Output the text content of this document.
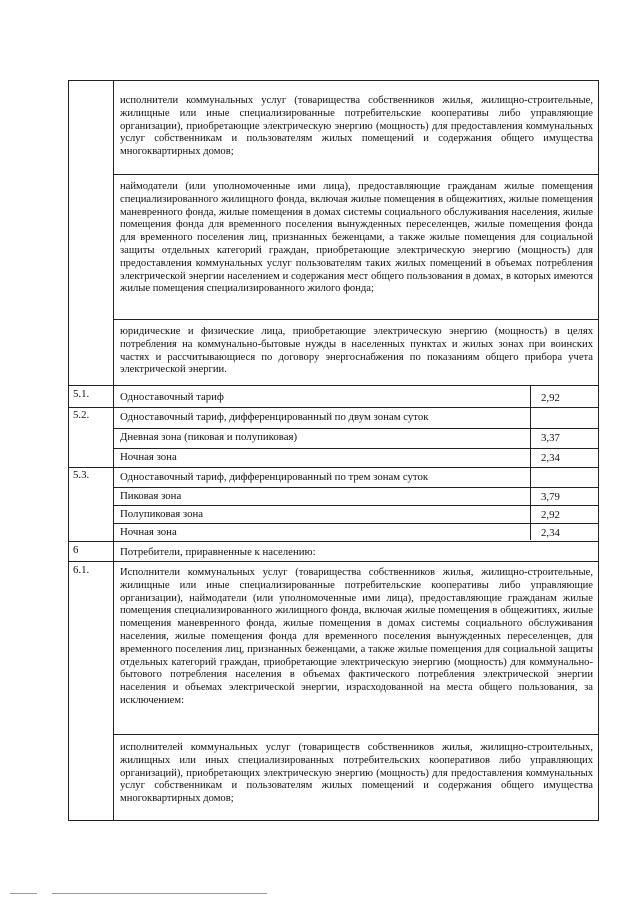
исполнители коммунальных услуг (товарищества собственников жилья, жилищно-строительные, жилищные или иные специализированные потребительские кооперативы либо управляющие организации), приобретающие электрическую энергию (мощность) для предоставления коммунальных услуг собственникам и пользователям жилых помещений и содержания общего имущества многоквартирных домов;
наймодатели (или уполномоченные ими лица), предоставляющие гражданам жилые помещения специализированного жилищного фонда, включая жилые помещения в общежитиях, жилые помещения маневренного фонда, жилые помещения в домах системы социального обслуживания населения, жилые помещения фонда для временного поселения вынужденных переселенцев, жилые помещения фонда для временного поселения лиц, признанных беженцами, а также жилые помещения для социальной защиты отдельных категорий граждан, приобретающие электрическую энергию (мощность) для предоставления коммунальных услуг пользователям таких жилых помещений в объемах потребления электрической энергии населением и содержания мест общего пользования в домах, в которых имеются жилые помещения специализированного жилого фонда;
юридические и физические лица, приобретающие электрическую энергию (мощность) в целях потребления на коммунально-бытовые нужды в населенных пунктах и жилых зонах при воинских частях и рассчитывающиеся по договору энергоснабжения по показаниям общего прибора учета электрической энергии.
5.1.	Одноставочный тариф	2,92
5.2.	Одноставочный тариф, дифференцированный по двум зонам суток
Дневная зона (пиковая и полупиковая)	3,37
Ночная зона	2,34
5.3.	Одноставочный тариф, дифференцированный по трем зонам суток
Пиковая зона	3,79
Полупиковая зона	2,92
Ночная зона	2,34
6	Потребители, приравненные к населению:
6.1.	Исполнители коммунальных услуг (товарищества собственников жилья, жилищно-строительные, жилищные или иные специализированные потребительские кооперативы либо управляющие организации), наймодатели (или уполномоченные ими лица), предоставляющие гражданам жилые помещения специализированного жилищного фонда, включая жилые помещения в общежитиях, жилые помещения маневренного фонда, жилые помещения в домах системы социального обслуживания населения, жилые помещения фонда для временного поселения вынужденных переселенцев, для временного поселения лиц, признанных беженцами, а также жилые помещения для социальной защиты отдельных категорий граждан, приобретающие электрическую энергию (мощность) для коммунально-бытового потребления населения в объемах фактического потребления электрической энергии населения и объемах электрической энергии, израсходованной на места общего пользования, за исключением:
исполнителей коммунальных услуг (товариществ собственников жилья, жилищно-строительных, жилищных или иных специализированных потребительских кооперативов либо управляющих организаций), приобретающих электрическую энергию (мощность) для предоставления коммунальных услуг собственникам и пользователям жилых помещений и содержания общего имущества многоквартирных домов;
